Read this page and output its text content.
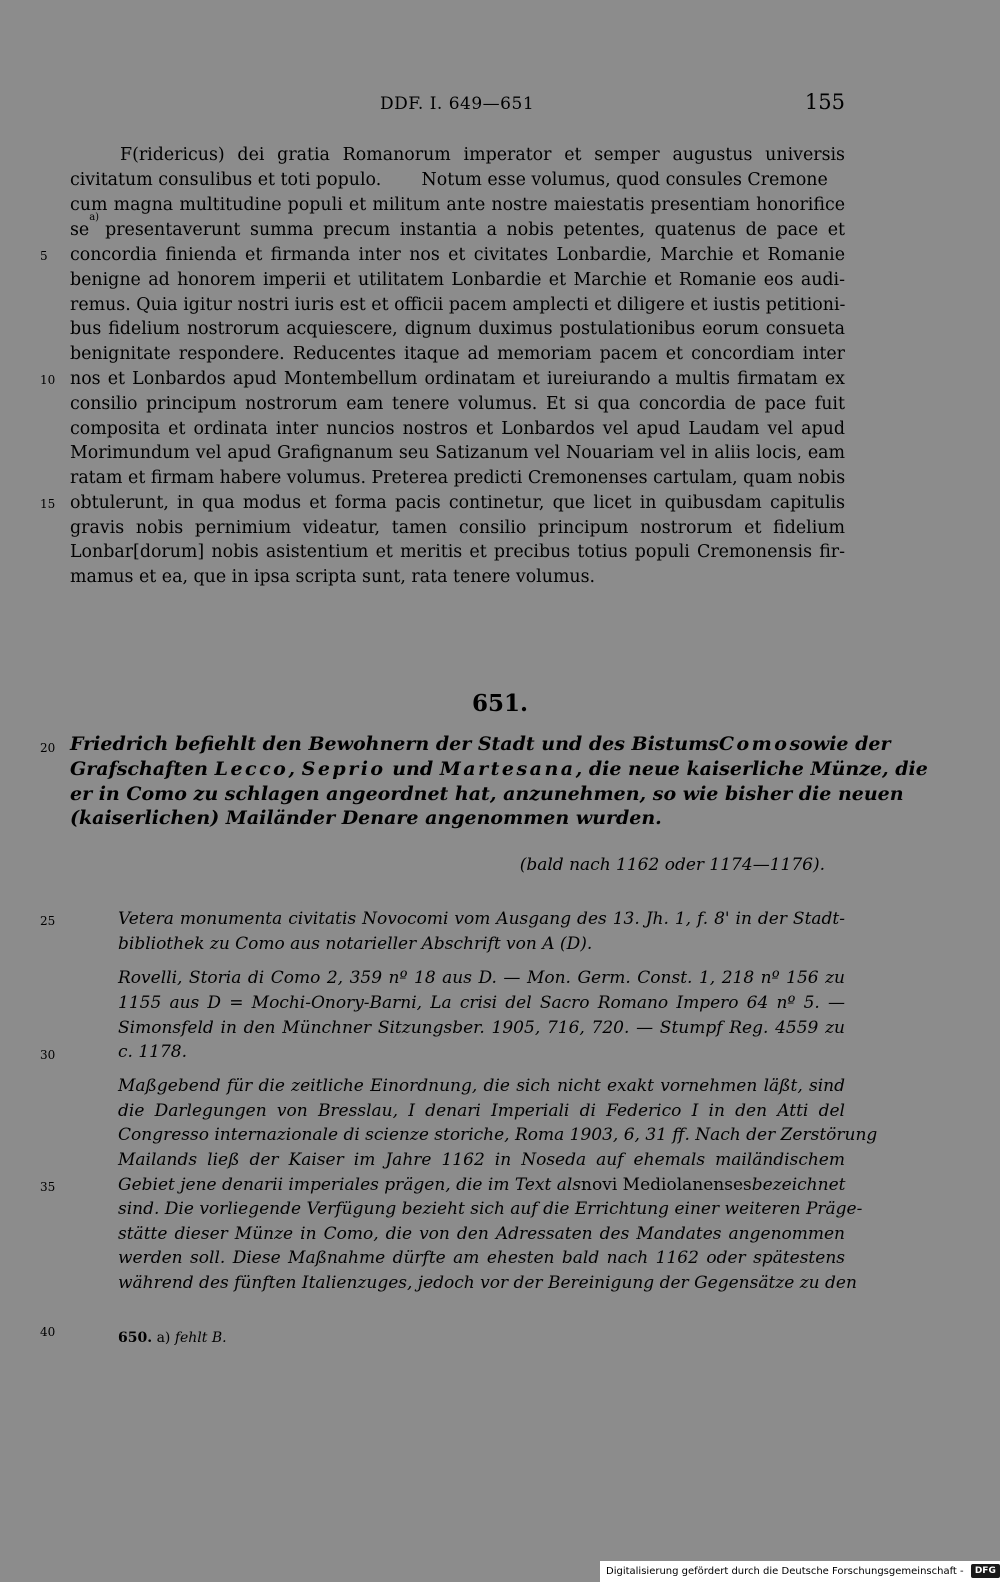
DDF. I. 649—651	155
F(ridericus) dei gratia Romanorum imperator et semper augustus universis
civitatum consulibus et toti populo.   Notum esse volumus, quod consules Cremone
cum magna multitudine populi et militum ante nostre maiestatis presentiam honorifice
se
a)
presentaverunt summa precum instantia a nobis petentes, quatenus de pace et
concordia finienda et firmanda inter nos et civitates Lonbardie, Marchie et Romanie
benigne ad honorem imperii et utilitatem Lonbardie et Marchie et Romanie eos audi-
remus. Quia igitur nostri iuris est et officii pacem amplecti et diligere et iustis petitioni-
bus fidelium nostrorum acquiescere, dignum duximus postulationibus eorum consueta
benignitate respondere. Reducentes itaque ad memoriam pacem et concordiam inter
nos et Lonbardos apud Montembellum ordinatam et iureiurando a multis firmatam ex
consilio principum nostrorum eam tenere volumus. Et si qua concordia de pace fuit
composita et ordinata inter nuncios nostros et Lonbardos vel apud Laudam vel apud
Morimundum vel apud Grafignanum seu Satizanum vel Nouariam vel in aliis locis, eam
ratam et firmam habere volumus. Preterea predicti Cremonenses cartulam, quam nobis
obtulerunt, in qua modus et forma pacis continetur, que licet in quibusdam capitulis
gravis nobis pernimium videatur, tamen consilio principum nostrorum et fidelium
Lonbar[dorum] nobis asistentium et meritis et precibus totius populi Cremonensis fir-
mamus et ea, que in ipsa scripta sunt, rata tenere volumus.
5
10
15
20
25
30
35
40
651.
Friedrich befiehlt den Bewohnern der Stadt und des Bistums Como sowie der
Grafschaften Lecco, Seprio und Martesana, die neue kaiserliche Münze, die
er in Como zu schlagen angeordnet hat, anzunehmen, so wie bisher die neuen
(kaiserlichen) Mailänder Denare angenommen wurden.
(bald nach 1162 oder 1174—1176).
Vetera monumenta civitatis Novocomi vom Ausgang des 13. Jh. 1, f. 8' in der Stadt-
bibliothek zu Como aus notarieller Abschrift von A (D).
Rovelli, Storia di Como 2, 359 nº 18 aus D. — Mon. Germ. Const. 1, 218 nº 156 zu
1155 aus D = Mochi-Onory-Barni, La crisi del Sacro Romano Impero 64 nº 5. —
Simonsfeld in den Münchner Sitzungsber. 1905, 716, 720. — Stumpf Reg. 4559 zu
c. 1178.
Maßgebend für die zeitliche Einordnung, die sich nicht exakt vornehmen läßt, sind
die Darlegungen von Bresslau, I denari Imperiali di Federico I in den Atti del
Congresso internazionale di scienze storiche, Roma 1903, 6, 31 ff. Nach der Zerstörung
Mailands ließ der Kaiser im Jahre 1162 in Noseda auf ehemals mailändischem
Gebiet jene denarii imperiales prägen, die im Text als novi Mediolanenses bezeichnet
sind. Die vorliegende Verfügung bezieht sich auf die Errichtung einer weiteren Präge-
stätte dieser Münze in Como, die von den Adressaten des Mandates angenommen
werden soll. Diese Maßnahme dürfte am ehesten bald nach 1162 oder spätestens
während des fünften Italienzuges, jedoch vor der Bereinigung der Gegensätze zu den
650. a) fehlt B.
Digitalisierung gefördert durch die Deutsche Forschungsgemeinschaft - DFG
